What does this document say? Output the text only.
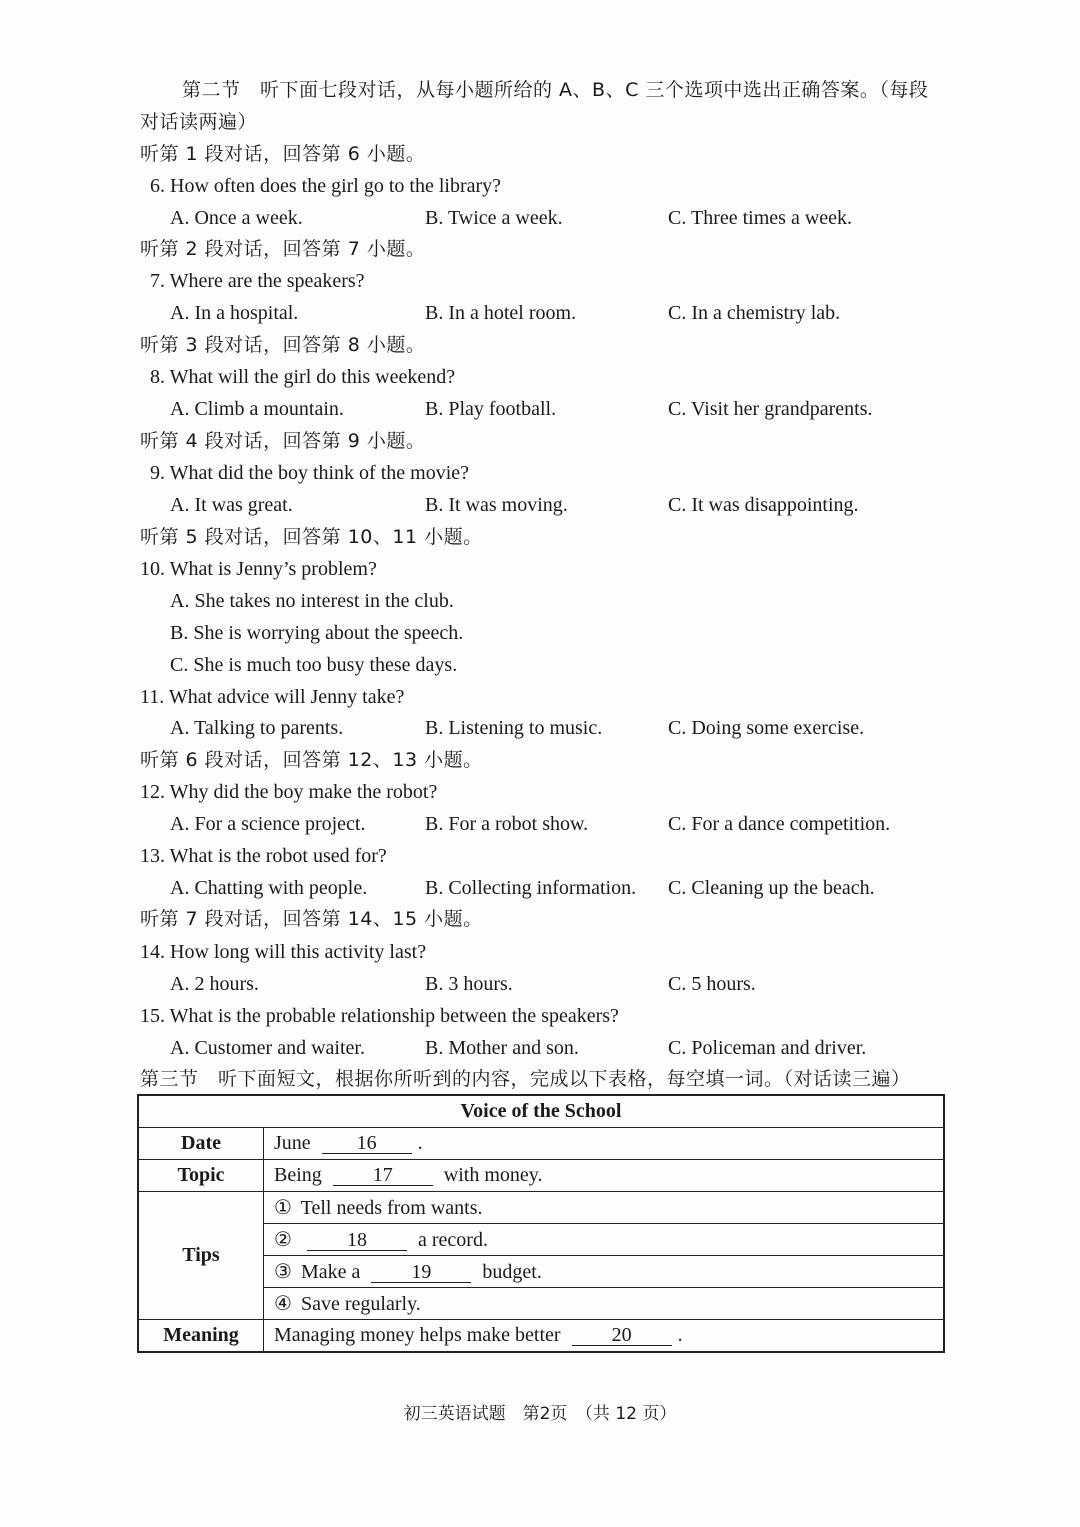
第二节　听下面七段对话，从每小题所给的 A、B、C 三个选项中选出正确答案。（每段
对话读两遍）
听第 1 段对话，回答第 6 小题。
6. How often does the girl go to the library?
A. Once a week.	B. Twice a week.	C. Three times a week.
听第 2 段对话，回答第 7 小题。
7. Where are the speakers?
A. In a hospital.	B. In a hotel room.	C. In a chemistry lab.
听第 3 段对话，回答第 8 小题。
8. What will the girl do this weekend?
A. Climb a mountain.	B. Play football.	C. Visit her grandparents.
听第 4 段对话，回答第 9 小题。
9. What did the boy think of the movie?
A. It was great.	B. It was moving.	C. It was disappointing.
听第 5 段对话，回答第 10、11 小题。
10. What is Jenny’s problem?
A. She takes no interest in the club.
B. She is worrying about the speech.
C. She is much too busy these days.
11. What advice will Jenny take?
A. Talking to parents.	B. Listening to music.	C. Doing some exercise.
听第 6 段对话，回答第 12、13 小题。
12. Why did the boy make the robot?
A. For a science project.	B. For a robot show.	C. For a dance competition.
13. What is the robot used for?
A. Chatting with people.	B. Collecting information. C. Cleaning up the beach.
听第 7 段对话，回答第 14、15 小题。
14. How long will this activity last?
A. 2 hours.	B. 3 hours.	C. 5 hours.
15. What is the probable relationship between the speakers?
A. Customer and waiter.	B. Mother and son.	C. Policeman and driver.
第三节　听下面短文，根据你所听到的内容，完成以下表格，每空填一词。（对话读三遍）
Voice of the School	
Date	June 16 .
Topic	Being 17 with money.
Tips	① Tell needs from wants.
	② 18 a record.
	③ Make a 19 budget.
	④ Save regularly.
Meaning	Managing money helps make better 20 .
初三英语试题　第2页　（共 12 页）
